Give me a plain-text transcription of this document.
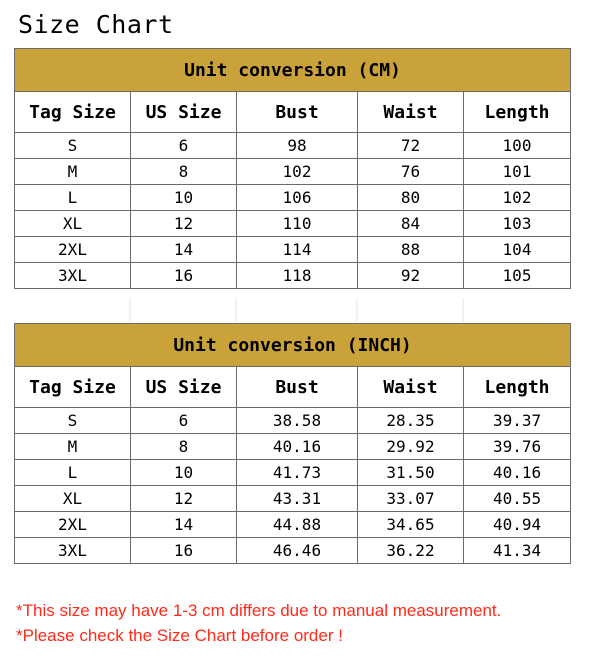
Size Chart
Unit conversion (CM)				
Tag Size	US Size	Bust	Waist	Length
S	6	98	72	100
M	8	102	76	101
L	10	106	80	102
XL	12	110	84	103
2XL	14	114	88	104
3XL	16	118	92	105
Unit conversion (INCH)				
Tag Size	US Size	Bust	Waist	Length
S	6	38.58	28.35	39.37
M	8	40.16	29.92	39.76
L	10	41.73	31.50	40.16
XL	12	43.31	33.07	40.55
2XL	14	44.88	34.65	40.94
3XL	16	46.46	36.22	41.34
*This size may have 1-3 cm differs due to manual measurement.
*Please check the Size Chart before order !
